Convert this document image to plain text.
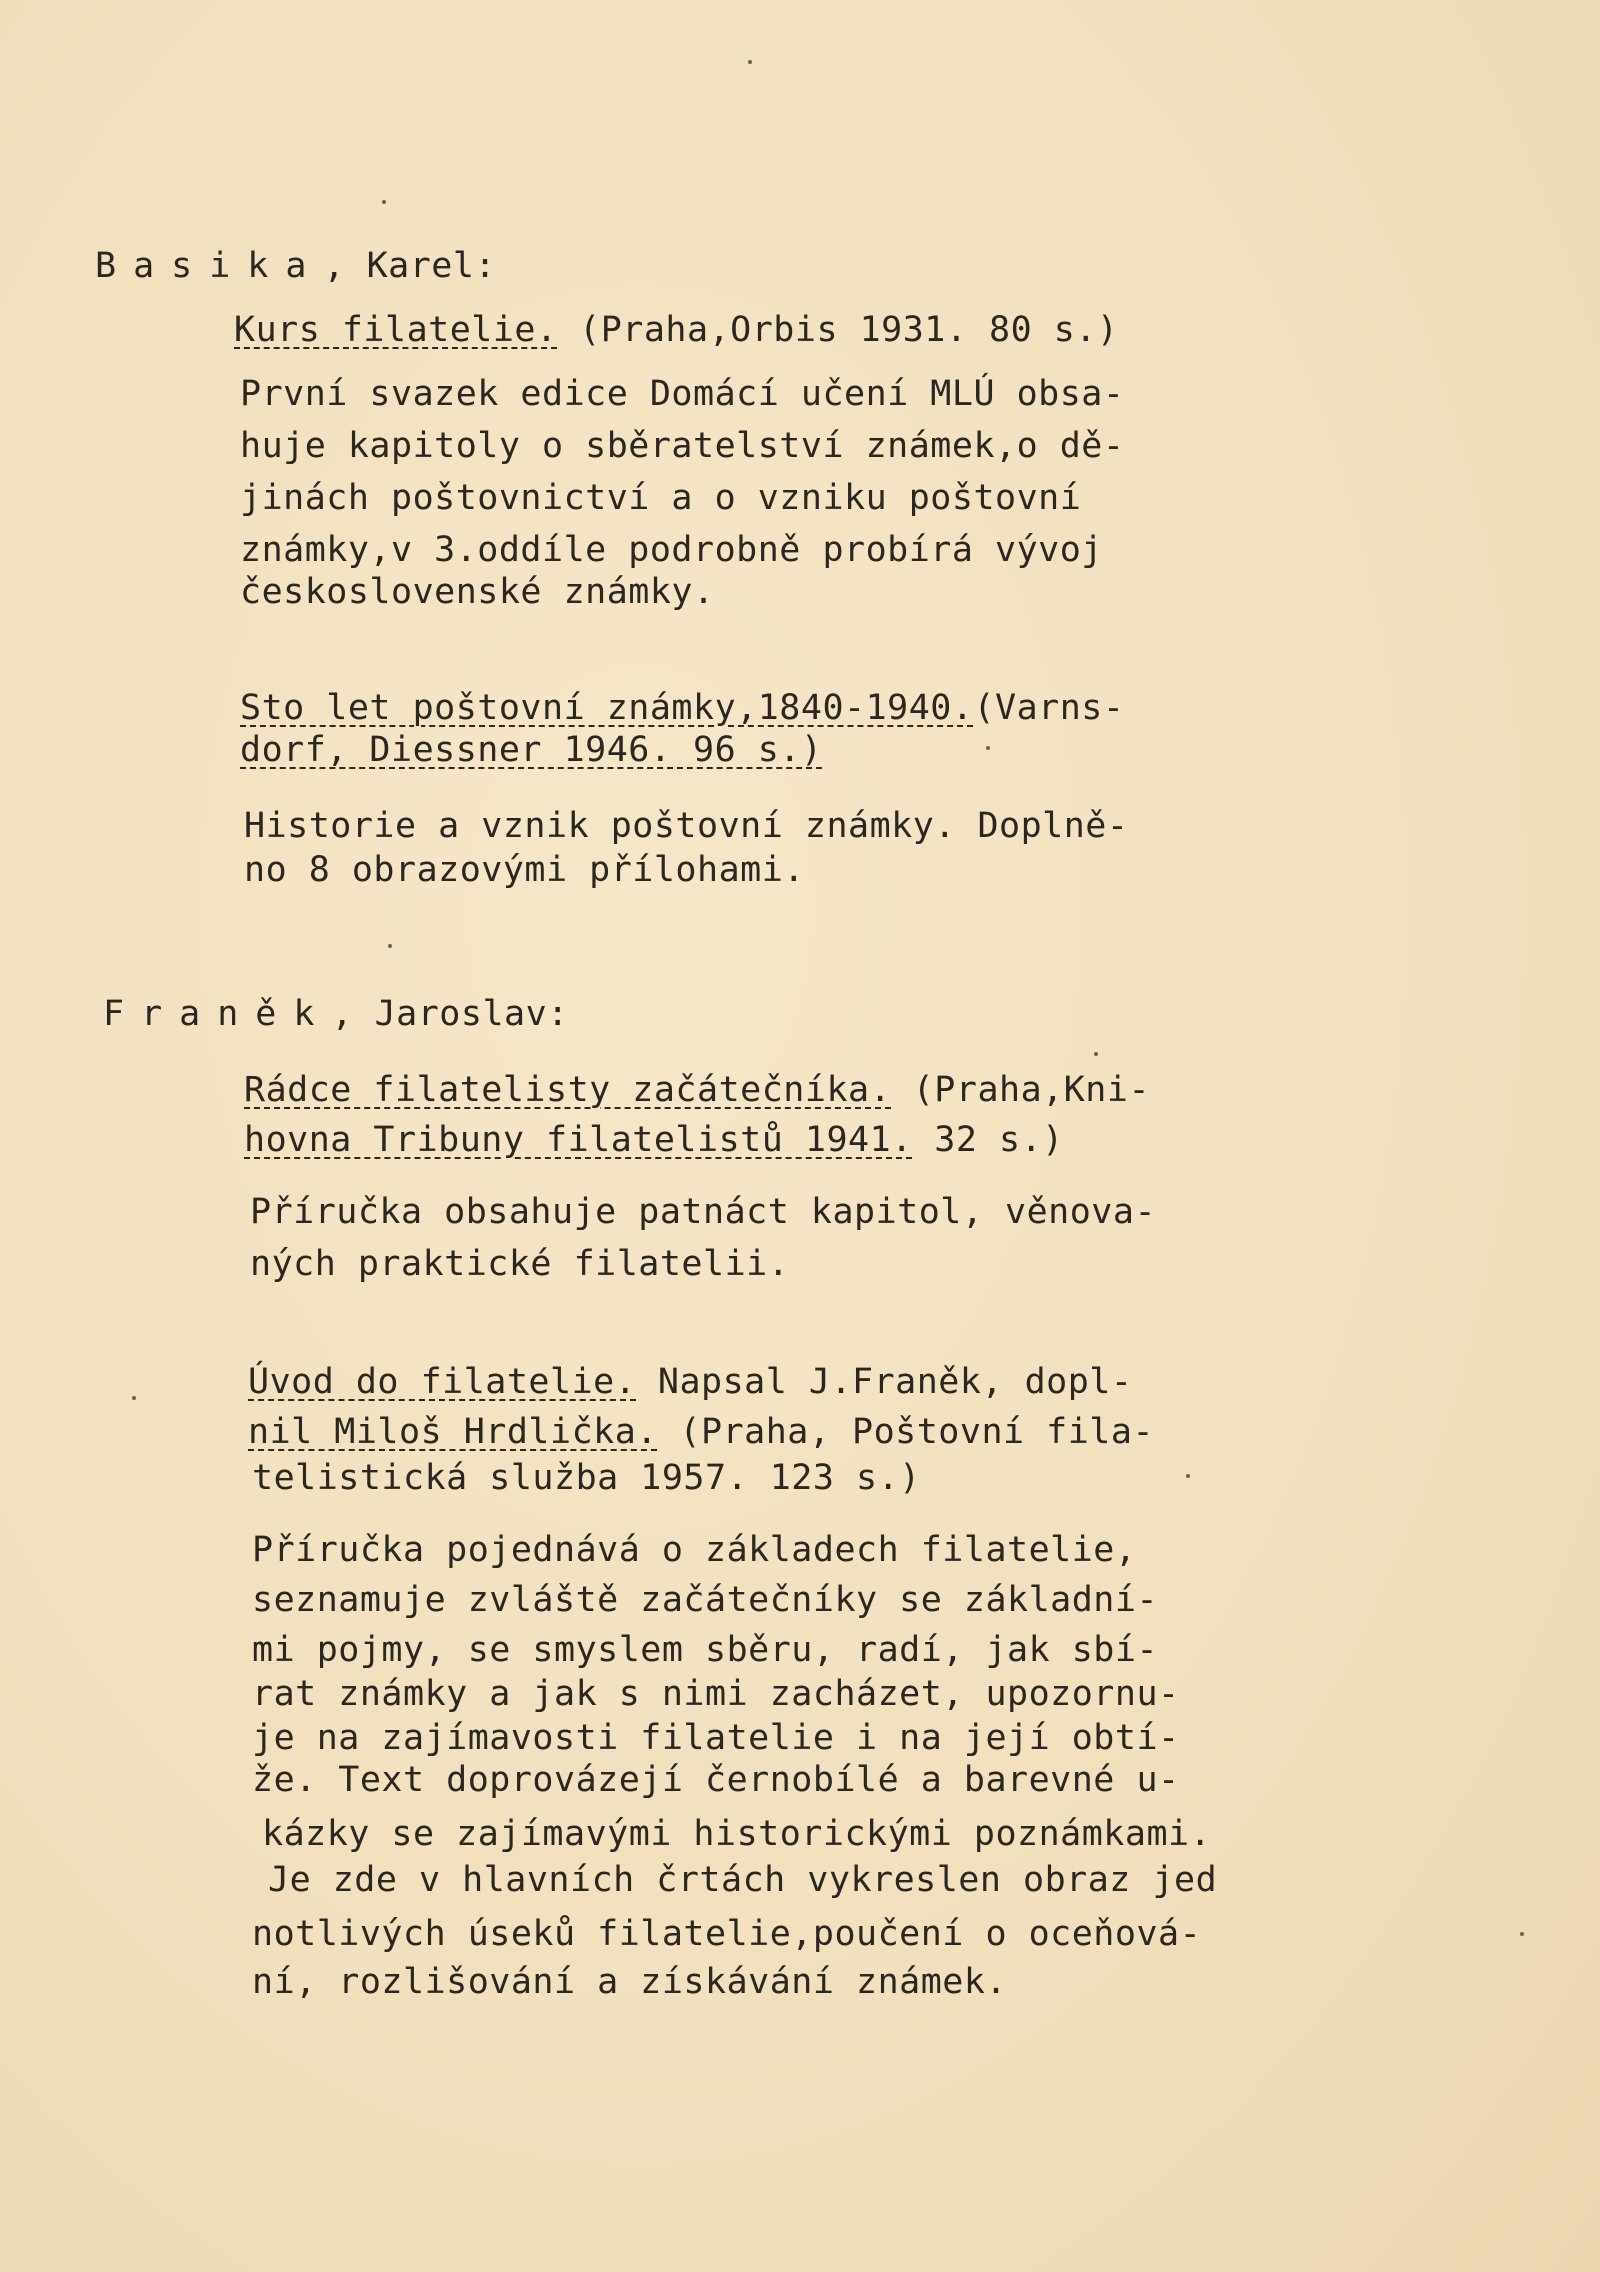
Basika, Karel:
Kurs filatelie. (Praha,Orbis 1931. 80 s.)
První svazek edice Domácí učení MLÚ obsa-
huje kapitoly o sběratelství známek,o dě-
jinách poštovnictví a o vzniku poštovní
známky,v 3.oddíle podrobně probírá vývoj
československé známky.
Sto let poštovní známky,1840-1940.(Varns-
dorf, Diessner 1946. 96 s.)
Historie a vznik poštovní známky. Doplně-
no 8 obrazovými přílohami.
Franěk, Jaroslav:
Rádce filatelisty začátečníka. (Praha,Kni-
hovna Tribuny filatelistů 1941. 32 s.)
Příručka obsahuje patnáct kapitol, věnova-
ných praktické filatelii.
Úvod do filatelie. Napsal J.Franěk, dopl-
nil Miloš Hrdlička. (Praha, Poštovní fila-
telistická služba 1957. 123 s.)
Příručka pojednává o základech filatelie,
seznamuje zvláště začátečníky se základní-
mi pojmy, se smyslem sběru, radí, jak sbí-
rat známky a jak s nimi zacházet, upozornu-
je na zajímavosti filatelie i na její obtí-
že. Text doprovázejí černobílé a barevné u-
kázky se zajímavými historickými poznámkami.
Je zde v hlavních črtách vykreslen obraz jed
notlivých úseků filatelie,poučení o oceňová-
ní, rozlišování a získávání známek.
